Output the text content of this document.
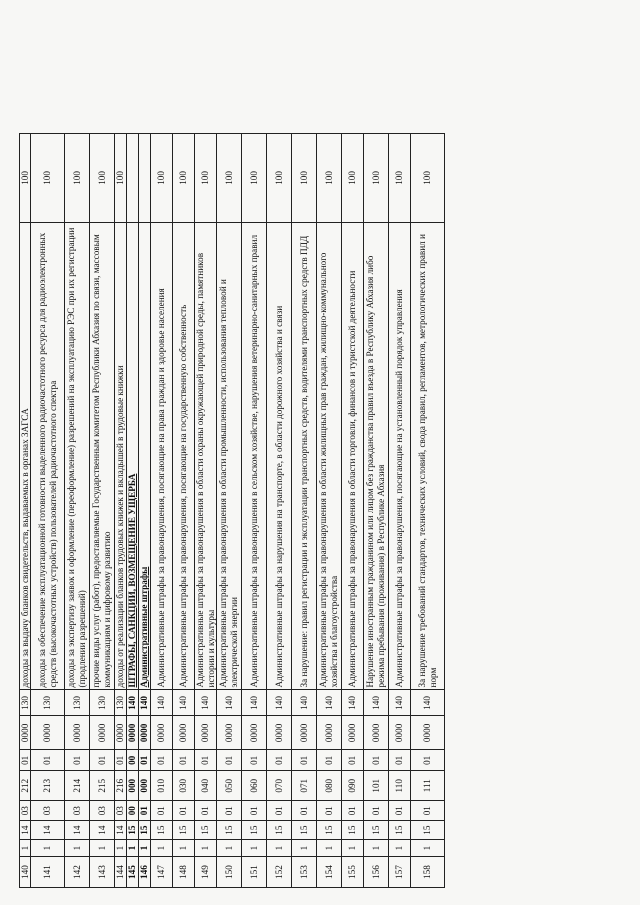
140
1
14
03
212
01
0000
130
доходы за выдачу бланков свидетельств, выдаваемых в органах ЗАГСА
100
141
1
14
03
213
01
0000
130
доходы за обеспечение эксплуатационной готовности выделенного радиочастотного ресурса для радиоэлектронных средств (высокочастотных устройств) пользователей радиочастотного спектра
100
142
1
14
03
214
01
0000
130
доходы за экспертизу заявок и оформление (переоформление) разрешений на эксплуатацию РЭС при их регистрации (продлении разрешений)
100
143
1
14
03
215
01
0000
130
прочие виды услуг (работ), предоставляемые Государственным комитетом Республики Абхазия по связи, массовым коммуникациям и цифровому развитию
100
144
1
14
03
216
01
0000
130
доходы от реализации бланков трудовых книжек и вкладышей в трудовые книжки
100
145
1
15
00
000
00
0000
140
ШТРАФЫ, САНКЦИИ, ВОЗМЕЩЕНИЕ УЩЕРБА
146
1
15
01
000
01
0000
140
Административные штрафы
147
1
15
01
010
01
0000
140
Административные штрафы за правонарушения, посягающие на права граждан и здоровье населения
100
148
1
15
01
030
01
0000
140
Административные штрафы за правонарушения, посягающие на государственную собственность
100
149
1
15
01
040
01
0000
140
Административные штрафы за правонарушения в области охраны окружающей природной среды, памятников истории и культуры
100
150
1
15
01
050
01
0000
140
Административные штрафы за правонарушения в области промышленности, использования тепловой и электрической энергии
100
151
1
15
01
060
01
0000
140
Административные штрафы за правонарушения в сельском хозяйстве, нарушения ветеринарно-санитарных правил
100
152
1
15
01
070
01
0000
140
Административные штрафы за нарушения на транспорте, в области дорожного хозяйства и связи
100
153
1
15
01
071
01
0000
140
За нарушение: правил регистрации и эксплуатации транспортных средств, водителями транспортных средств ПДД
100
154
1
15
01
080
01
0000
140
Административные штрафы за правонарушения в области жилищных прав граждан, жилищно-коммунального хозяйства и благоустройства
100
155
1
15
01
090
01
0000
140
Административные штрафы за правонарушения в области торговли, финансов и туристской деятельности
100
156
1
15
01
101
01
0000
140
Нарушение иностранным гражданином или лицом без гражданства правил въезда в Республику Абхазия либо режима пребывания (проживания) в Республике Абхазия
100
157
1
15
01
110
01
0000
140
Административные штрафы за правонарушения, посягающие на установленный порядок управления
100
158
1
15
01
111
01
0000
140
За нарушение требований стандартов, технических условий, свода правил, регламентов, метрологических правил и норм
100
